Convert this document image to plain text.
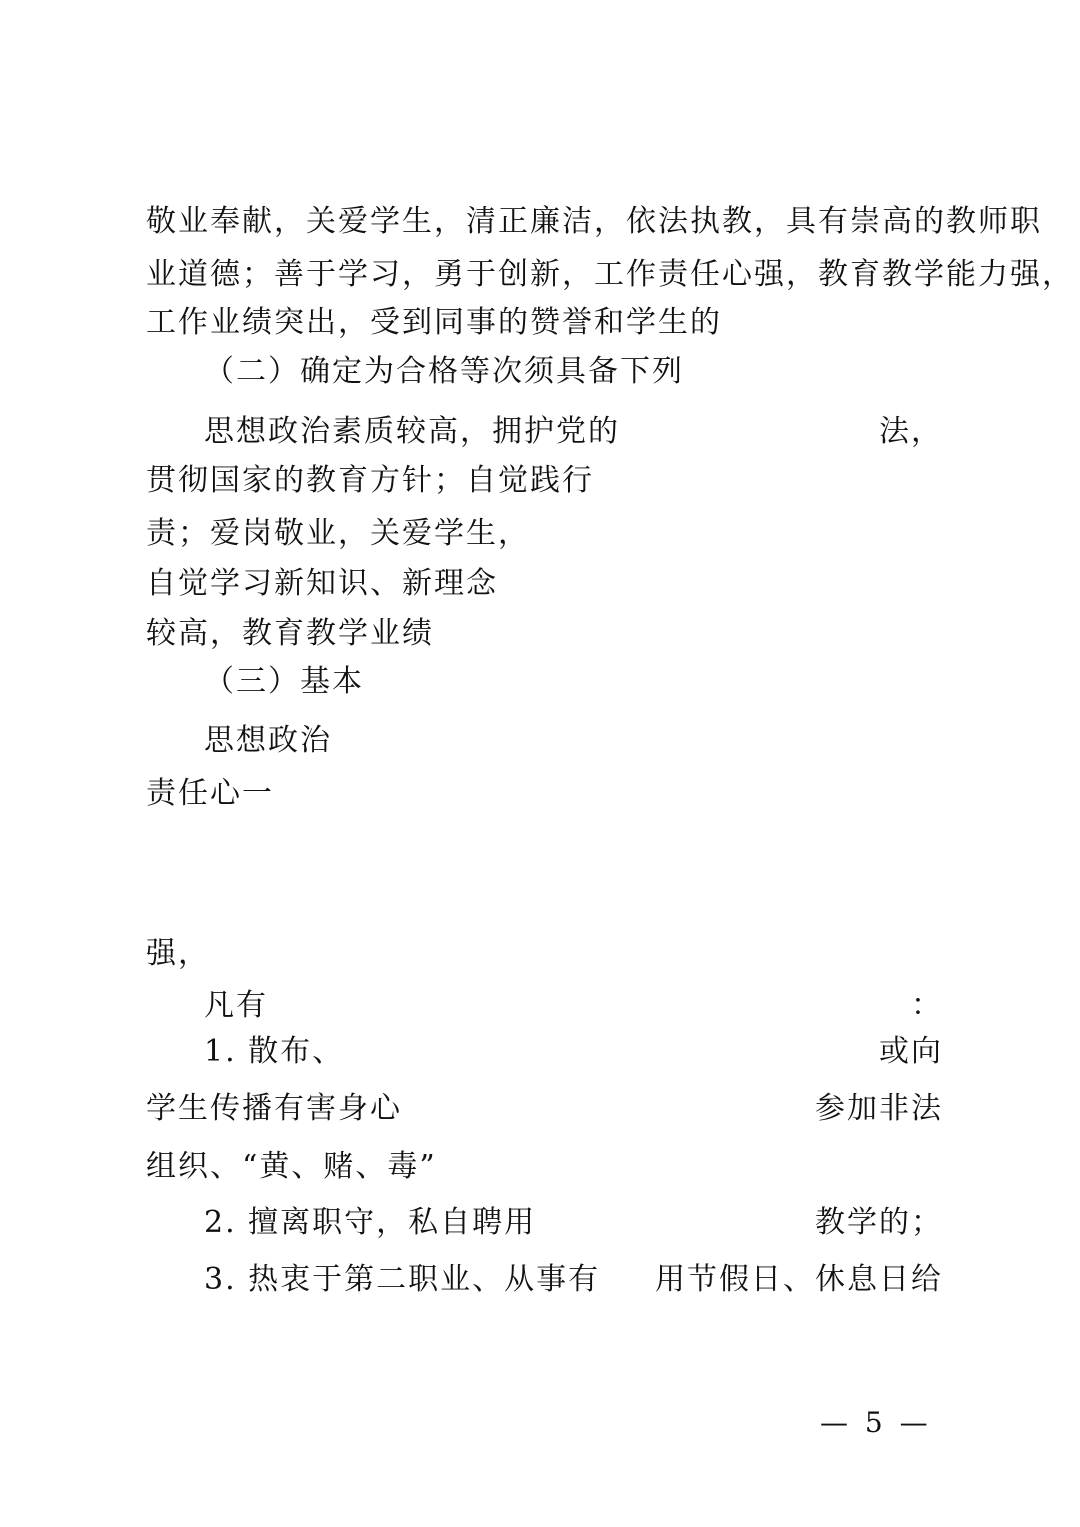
敬业奉献，关爱学生，清正廉洁，依法执教，具有崇高的教师职
业道德；善于学习，勇于创新，工作责任心强，教育教学能力强，
工作业绩突出，受到同事的赞誉和学生的
（二）确定为合格等次须具备下列
思想政治素质较高，拥护党的	法，
贯彻国家的教育方针；自觉践行
责；爱岗敬业，关爱学生，
自觉学习新知识、新理念
较高，教育教学业绩
（三）基本
思想政治
责任心一
强，
凡有	：
1. 散布、	或向
学生传播有害身心	参加非法
组织、“黄、赌、毒”
2. 擅离职守，私自聘用	教学的；
3. 热衷于第二职业、从事有 用节假日、休息日给
— 5 —
